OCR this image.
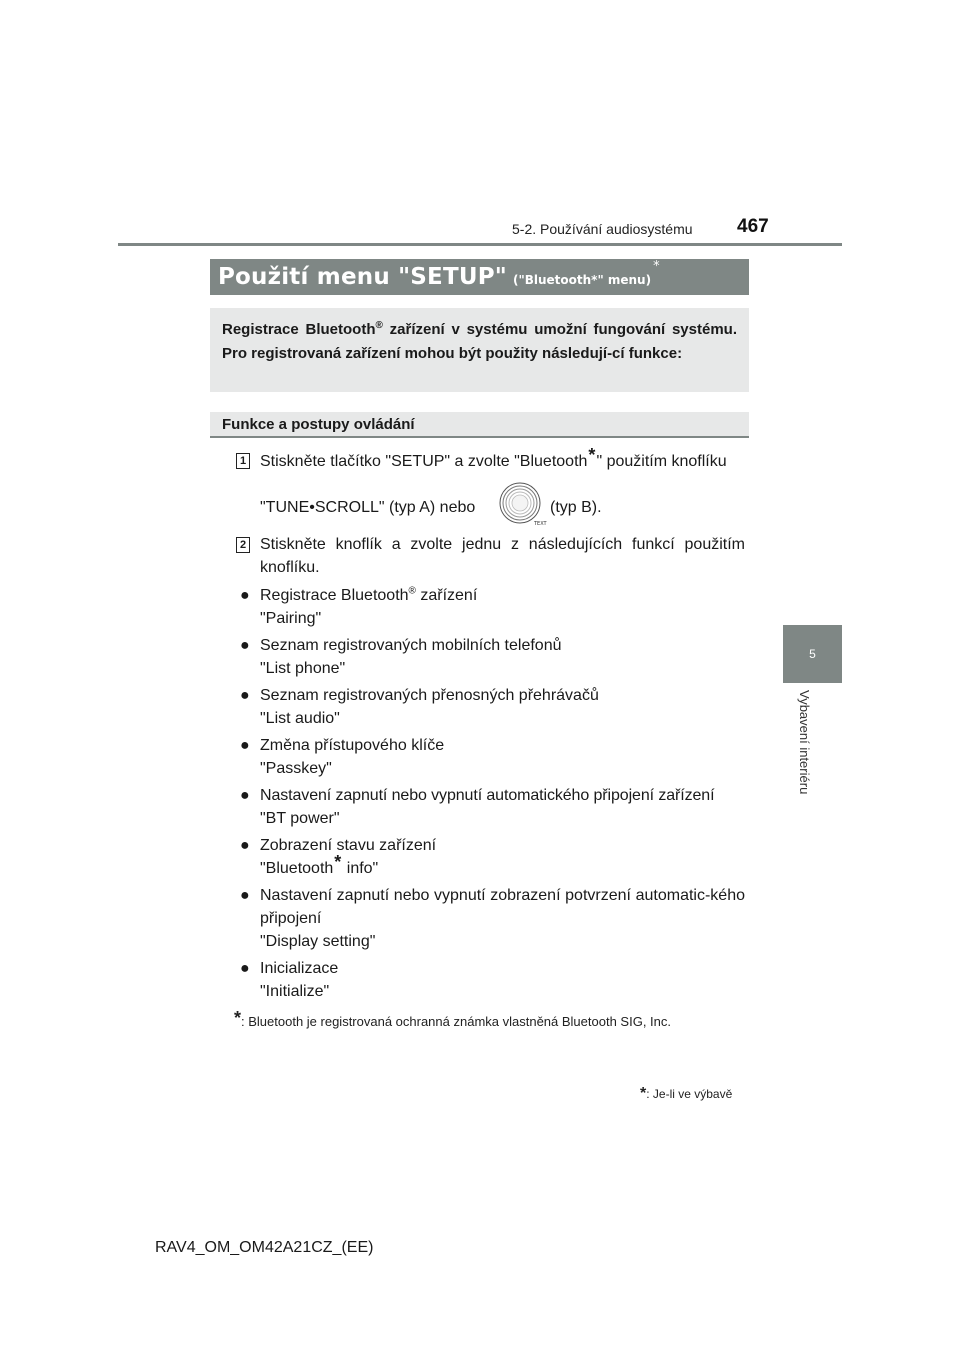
5-2. Používání audiosystému 467
5
Vybavení interiéru
Použití menu "SETUP" ("Bluetooth*" menu)
*
Registrace Bluetooth® zařízení v systému umožní fungování systému. Pro registrovaná zařízení mohou být použity následují-cí funkce:
Funkce a postupy ovládání
1 Stiskněte tlačítko "SETUP" a zvolte "Bluetooth*" použitím knoflíku
"TUNE•SCROLL" (typ A) nebo
TEXT
(typ B).
2 Stiskněte knoflík a zvolte jednu z následujících funkcí použitím knoflíku.
● Registrace Bluetooth® zařízení
"Pairing"
● Seznam registrovaných mobilních telefonů
"List phone"
● Seznam registrovaných přenosných přehrávačů
"List audio"
● Změna přístupového klíče
"Passkey"
● Nastavení zapnutí nebo vypnutí automatického připojení zařízení
"BT power"
● Zobrazení stavu zařízení
"Bluetooth* info"
● Nastavení zapnutí nebo vypnutí zobrazení potvrzení automatic-kého připojení
"Display setting"
● Inicializace
"Initialize"
*: Bluetooth je registrovaná ochranná známka vlastněná Bluetooth SIG, Inc.
*: Je-li ve výbavě
RAV4_OM_OM42A21CZ_(EE)
